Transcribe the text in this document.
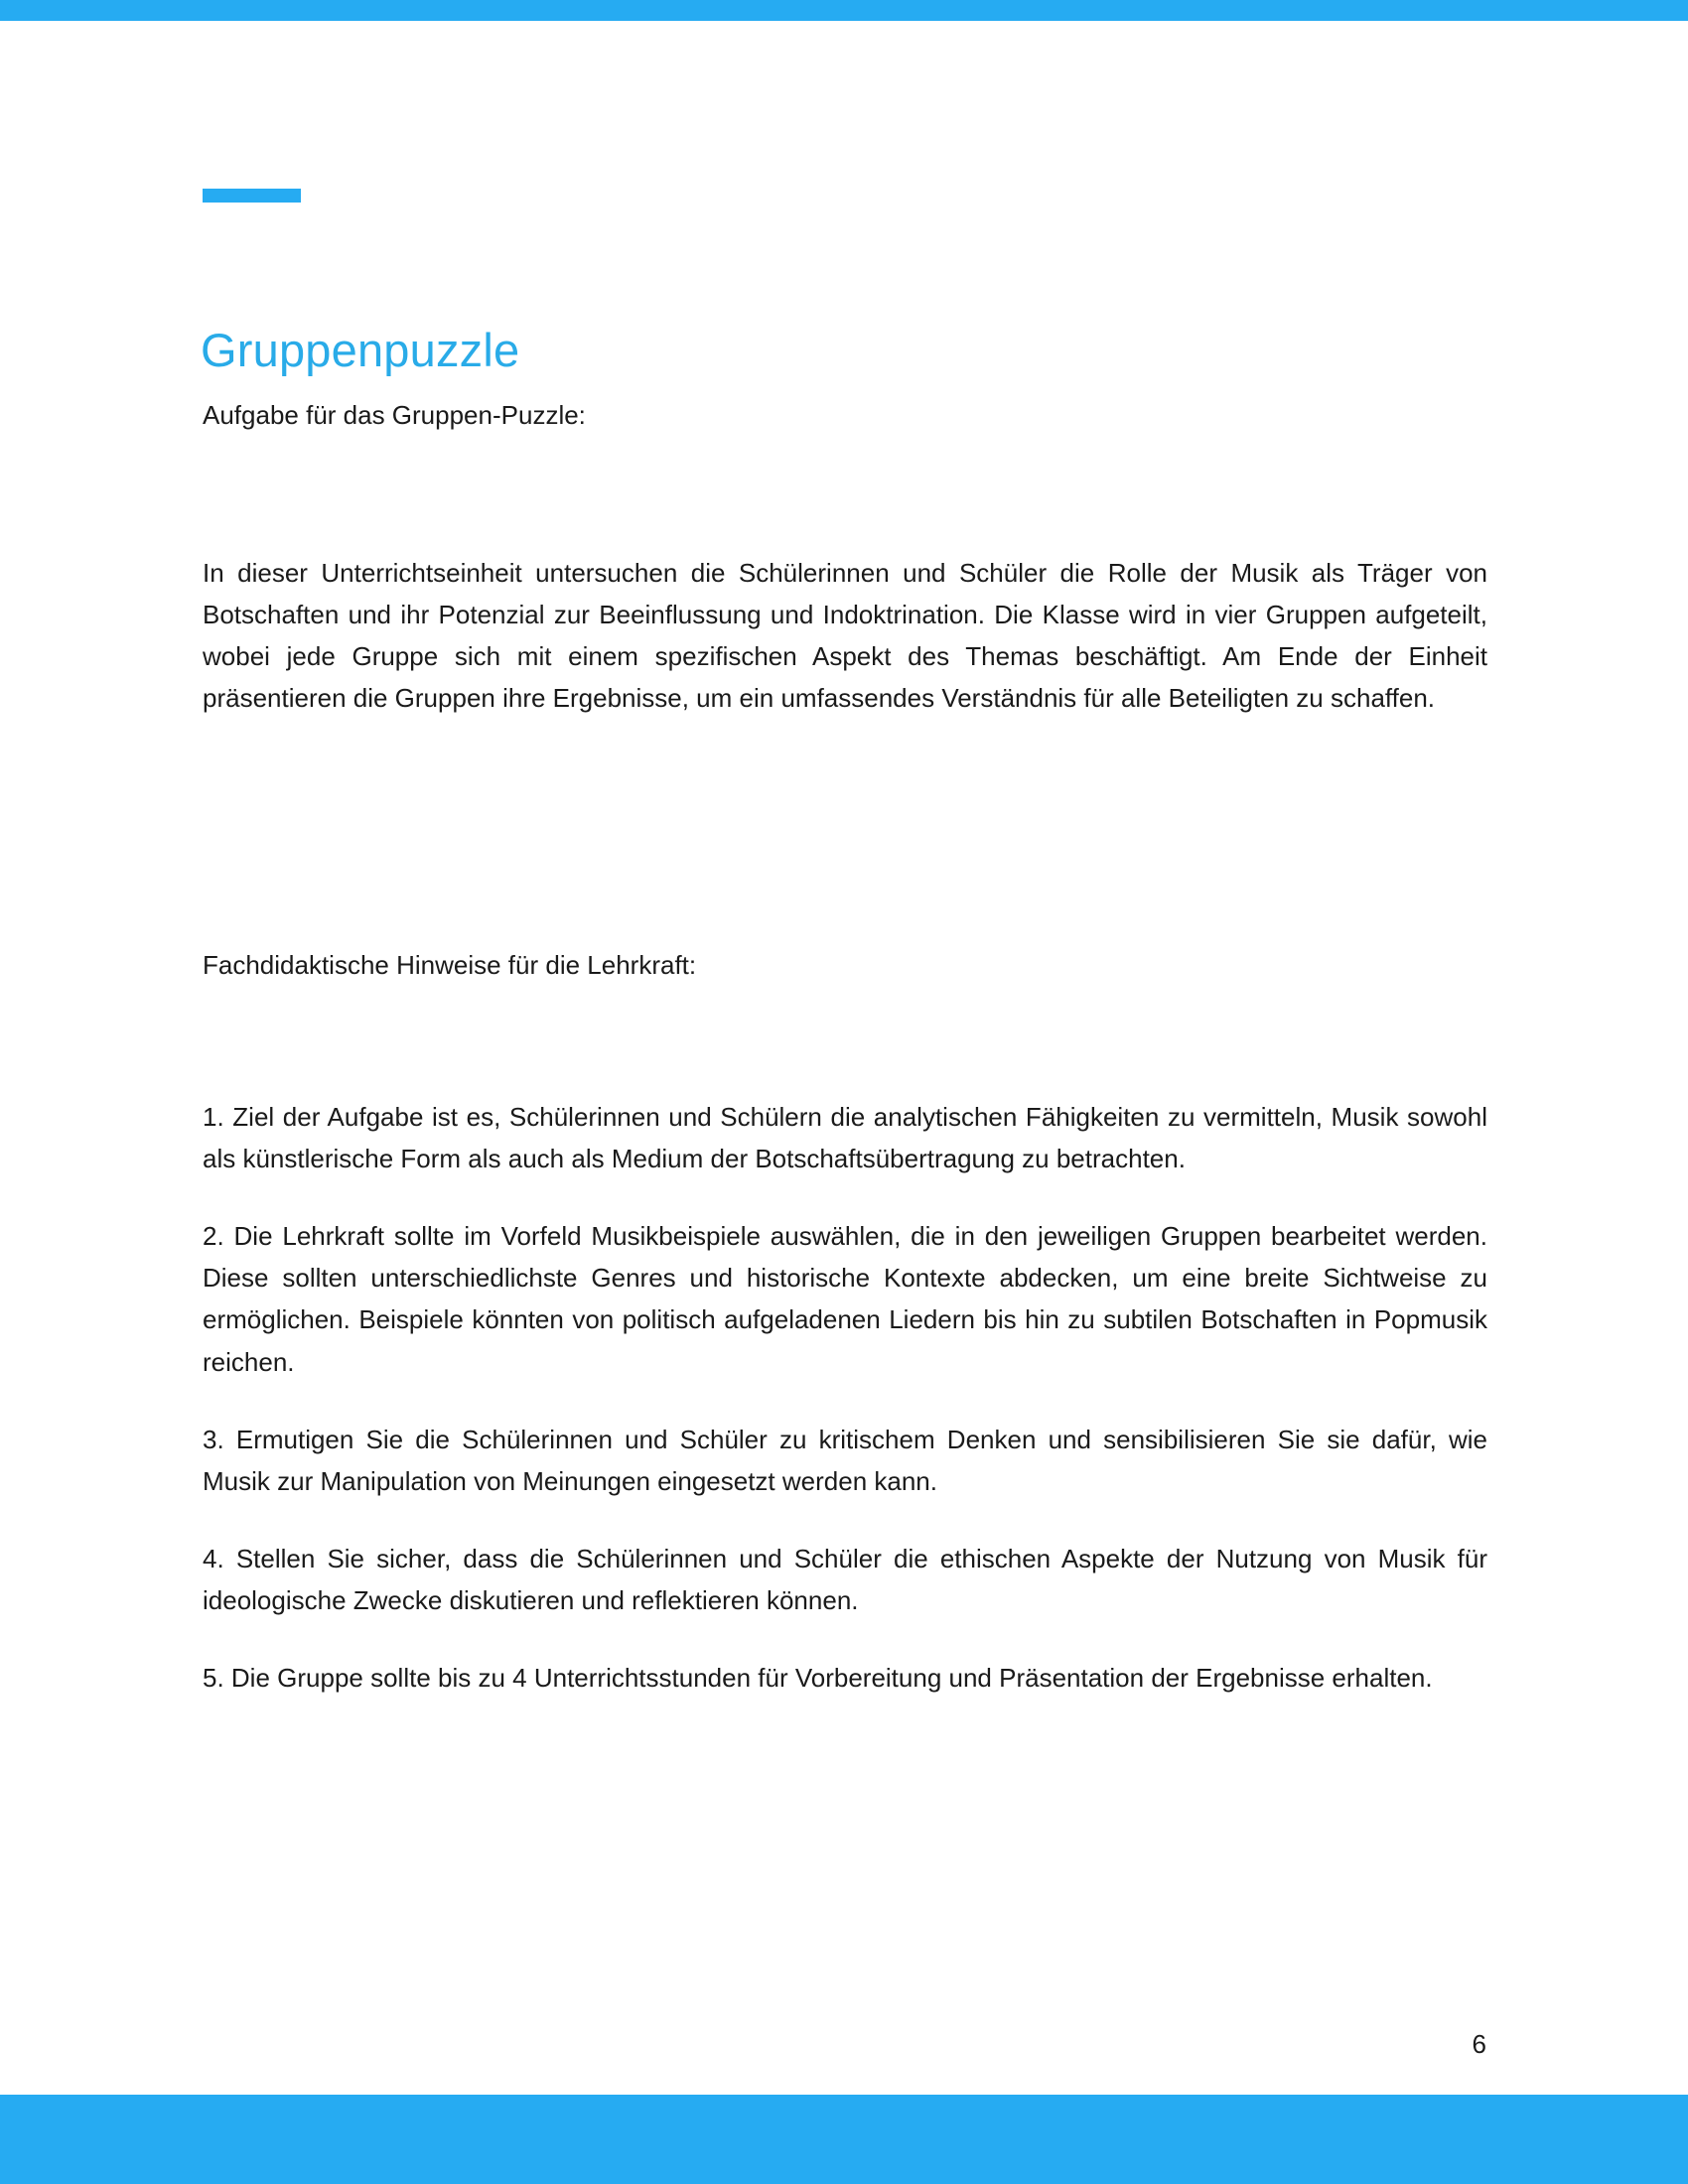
Gruppenpuzzle
Aufgabe für das Gruppen-Puzzle:

In dieser Unterrichtseinheit untersuchen die Schülerinnen und Schüler die Rolle der Musik als Träger von Botschaften und ihr Potenzial zur Beeinflussung und Indoktrination. Die Klasse wird in vier Gruppen aufgeteilt, wobei jede Gruppe sich mit einem spezifischen Aspekt des Themas beschäftigt. Am Ende der Einheit präsentieren die Gruppen ihre Ergebnisse, um ein umfassendes Verständnis für alle Beteiligten zu schaffen.

Fachdidaktische Hinweise für die Lehrkraft:

1. Ziel der Aufgabe ist es, Schülerinnen und Schülern die analytischen Fähigkeiten zu vermitteln, Musik sowohl als künstlerische Form als auch als Medium der Botschaftsübertragung zu betrachten.

2. Die Lehrkraft sollte im Vorfeld Musikbeispiele auswählen, die in den jeweiligen Gruppen bearbeitet werden. Diese sollten unterschiedlichste Genres und historische Kontexte abdecken, um eine breite Sichtweise zu ermöglichen. Beispiele könnten von politisch aufgeladenen Liedern bis hin zu subtilen Botschaften in Popmusik reichen.

3. Ermutigen Sie die Schülerinnen und Schüler zu kritischem Denken und sensibilisieren Sie sie dafür, wie Musik zur Manipulation von Meinungen eingesetzt werden kann.

4. Stellen Sie sicher, dass die Schülerinnen und Schüler die ethischen Aspekte der Nutzung von Musik für ideologische Zwecke diskutieren und reflektieren können.

5. Die Gruppe sollte bis zu 4 Unterrichtsstunden für Vorbereitung und Präsentation der Ergebnisse erhalten.

6
